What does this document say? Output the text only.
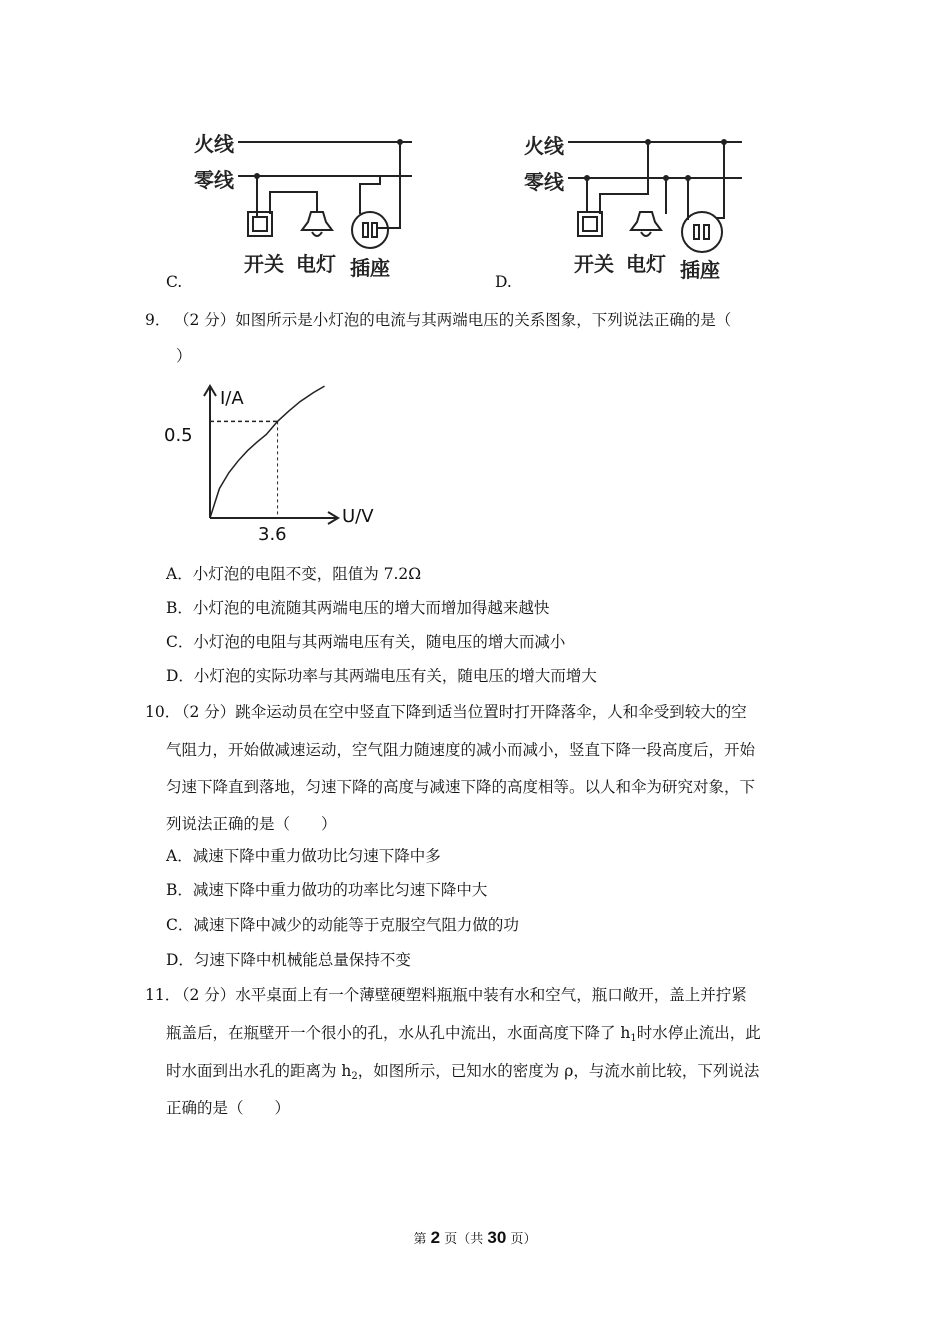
火线
零线
开关 电灯 插座
火线
零线
开关 电灯 插座
C.	D.
9． （2 分）如图所示是小灯泡的电流与其两端电压的关系图象，下列说法正确的是（
）
I/A
U/V
0.5
3.6
A．小灯泡的电阻不变，阻值为 7.2Ω
B．小灯泡的电流随其两端电压的增大而增加得越来越快
C．小灯泡的电阻与其两端电压有关，随电压的增大而减小
D．小灯泡的实际功率与其两端电压有关，随电压的增大而增大
10．
（2 分）跳伞运动员在空中竖直下降到适当位置时打开降落伞，人和伞受到较大的空
气阻力，开始做减速运动，空气阻力随速度的减小而减小，竖直下降一段高度后，开始
匀速下降直到落地，匀速下降的高度与减速下降的高度相等。以人和伞为研究对象，下
列说法正确的是（　　）
A．减速下降中重力做功比匀速下降中多
B．减速下降中重力做功的功率比匀速下降中大
C．减速下降中减少的动能等于克服空气阻力做的功
D．匀速下降中机械能总量保持不变
11．
（2 分）水平桌面上有一个薄壁硬塑料瓶瓶中装有水和空气，瓶口敞开，盖上并拧紧
瓶盖后，在瓶壁开一个很小的孔，水从孔中流出，水面高度下降了 $h_1$时水停止流出，此
时水面到出水孔的距离为 $h_2$，如图所示，已知水的密度为 ρ，与流水前比较，下列说法
正确的是（　　）
第 2 页（共 30 页）
